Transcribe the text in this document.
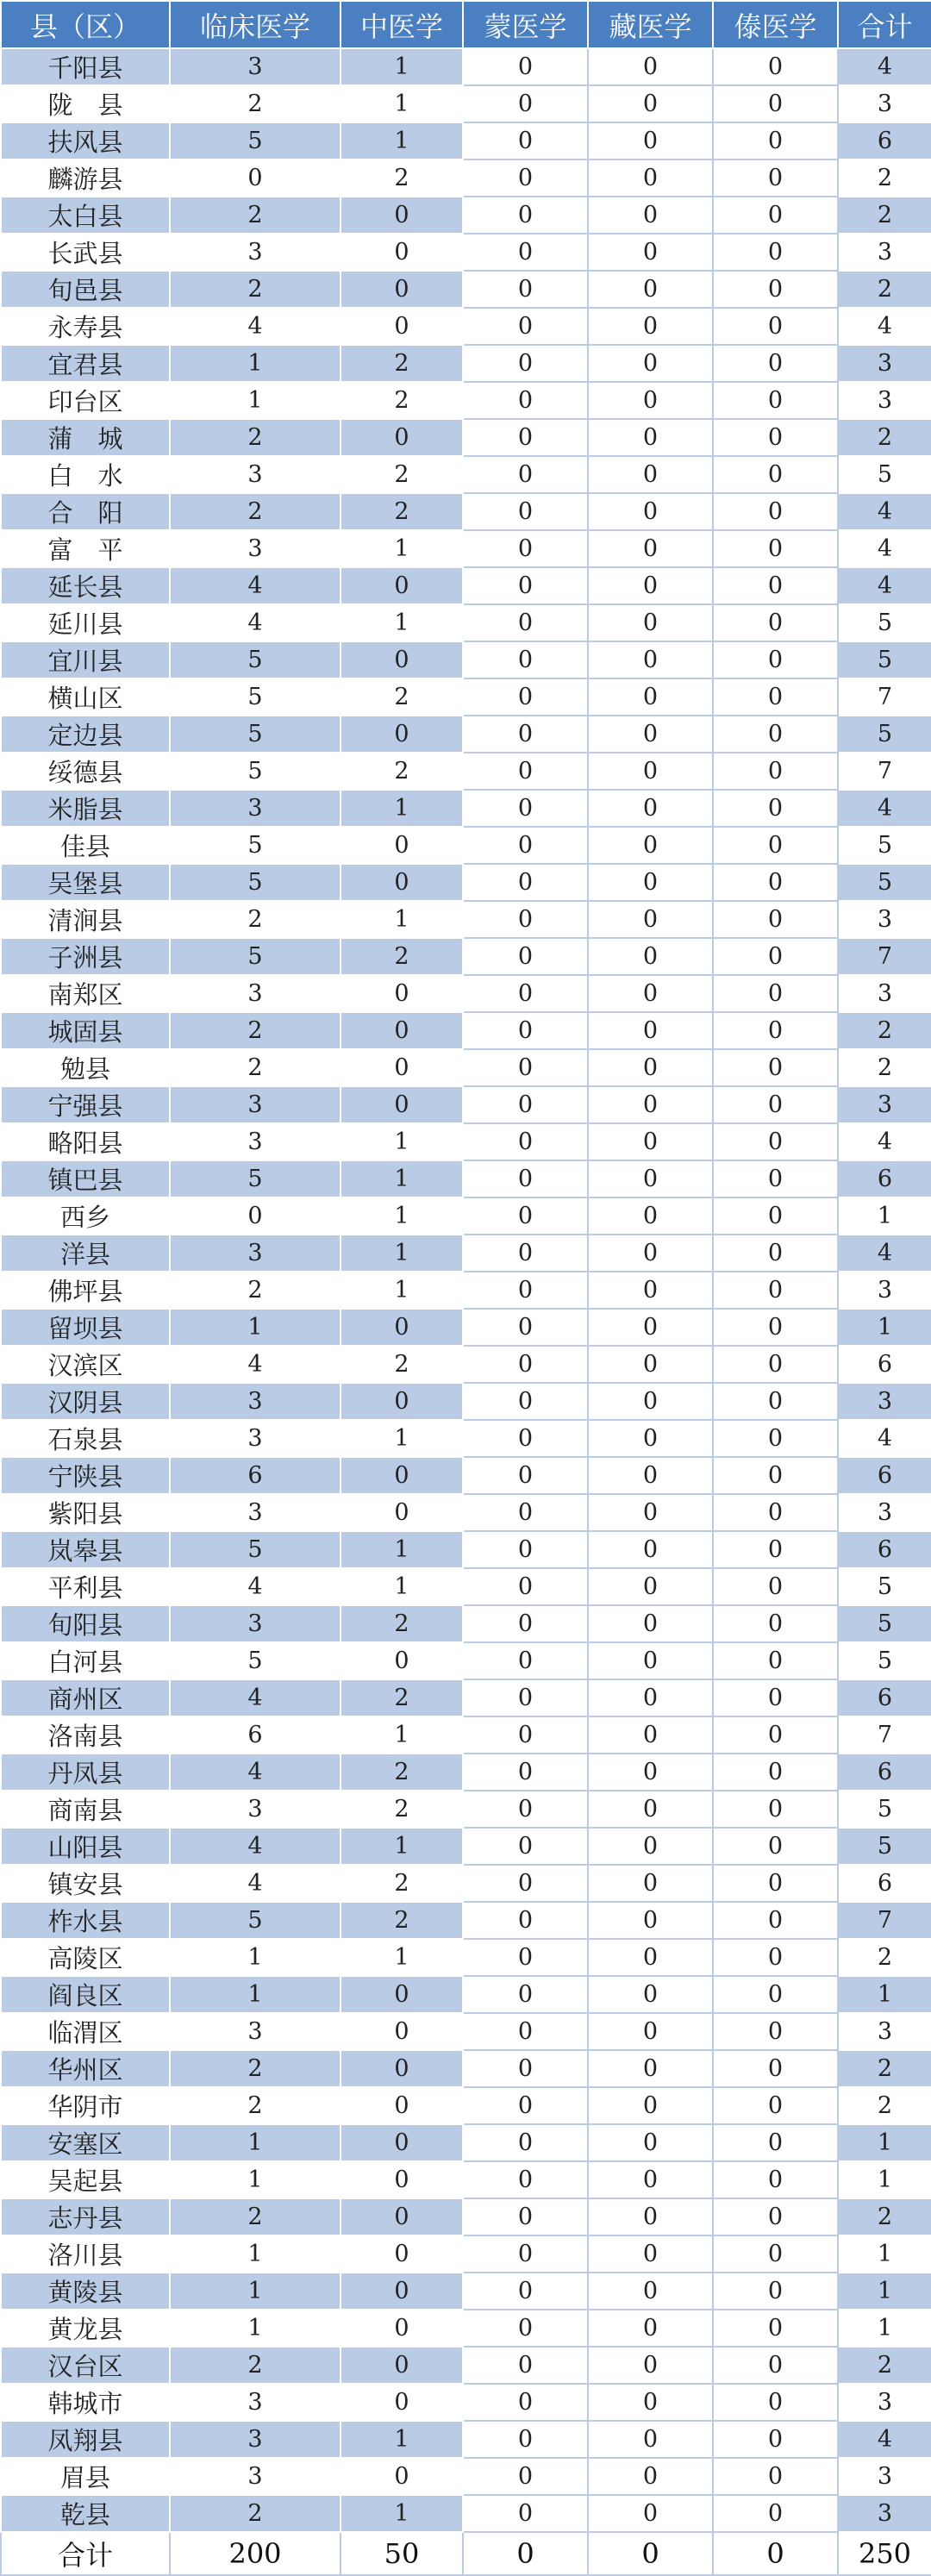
县（区）	临床医学	中医学	蒙医学	藏医学	傣医学	合计
千阳县	3	1	0	0	0	4
陇　县	2	1	0	0	0	3
扶风县	5	1	0	0	0	6
麟游县	0	2	0	0	0	2
太白县	2	0	0	0	0	2
长武县	3	0	0	0	0	3
旬邑县	2	0	0	0	0	2
永寿县	4	0	0	0	0	4
宜君县	1	2	0	0	0	3
印台区	1	2	0	0	0	3
蒲　城	2	0	0	0	0	2
白　水	3	2	0	0	0	5
合　阳	2	2	0	0	0	4
富　平	3	1	0	0	0	4
延长县	4	0	0	0	0	4
延川县	4	1	0	0	0	5
宜川县	5	0	0	0	0	5
横山区	5	2	0	0	0	7
定边县	5	0	0	0	0	5
绥德县	5	2	0	0	0	7
米脂县	3	1	0	0	0	4
佳县	5	0	0	0	0	5
吴堡县	5	0	0	0	0	5
清涧县	2	1	0	0	0	3
子洲县	5	2	0	0	0	7
南郑区	3	0	0	0	0	3
城固县	2	0	0	0	0	2
勉县	2	0	0	0	0	2
宁强县	3	0	0	0	0	3
略阳县	3	1	0	0	0	4
镇巴县	5	1	0	0	0	6
西乡	0	1	0	0	0	1
洋县	3	1	0	0	0	4
佛坪县	2	1	0	0	0	3
留坝县	1	0	0	0	0	1
汉滨区	4	2	0	0	0	6
汉阴县	3	0	0	0	0	3
石泉县	3	1	0	0	0	4
宁陕县	6	0	0	0	0	6
紫阳县	3	0	0	0	0	3
岚皋县	5	1	0	0	0	6
平利县	4	1	0	0	0	5
旬阳县	3	2	0	0	0	5
白河县	5	0	0	0	0	5
商州区	4	2	0	0	0	6
洛南县	6	1	0	0	0	7
丹凤县	4	2	0	0	0	6
商南县	3	2	0	0	0	5
山阳县	4	1	0	0	0	5
镇安县	4	2	0	0	0	6
柞水县	5	2	0	0	0	7
高陵区	1	1	0	0	0	2
阎良区	1	0	0	0	0	1
临渭区	3	0	0	0	0	3
华州区	2	0	0	0	0	2
华阴市	2	0	0	0	0	2
安塞区	1	0	0	0	0	1
吴起县	1	0	0	0	0	1
志丹县	2	0	0	0	0	2
洛川县	1	0	0	0	0	1
黄陵县	1	0	0	0	0	1
黄龙县	1	0	0	0	0	1
汉台区	2	0	0	0	0	2
韩城市	3	0	0	0	0	3
凤翔县	3	1	0	0	0	4
眉县	3	0	0	0	0	3
乾县	2	1	0	0	0	3
合计	200	50	0	0	0	250
